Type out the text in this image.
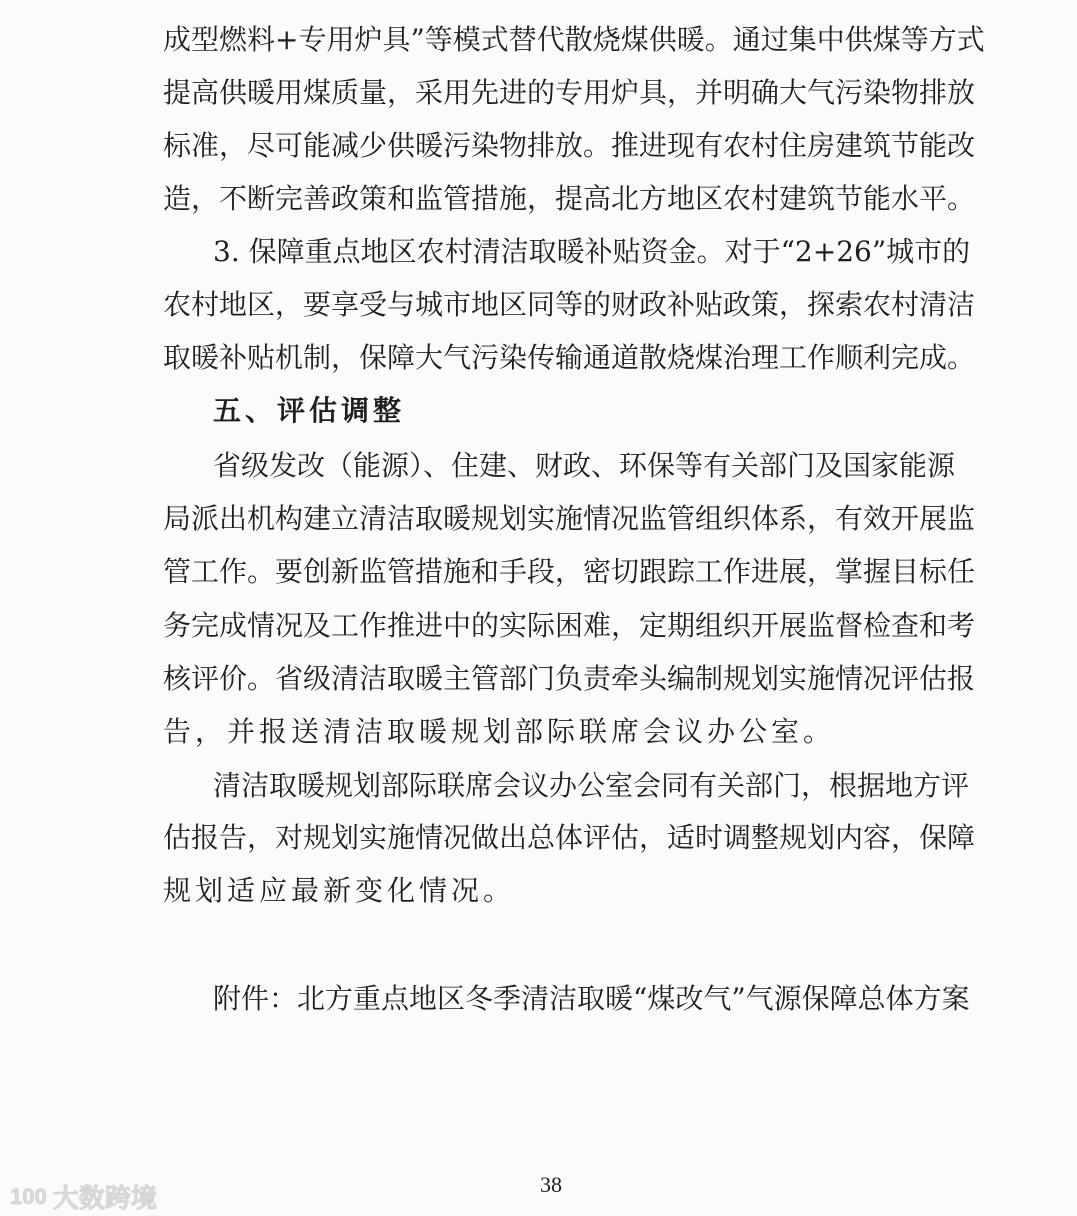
成型燃料+专用炉具”等模式替代散烧煤供暖。通过集中供煤等方式
提高供暖用煤质量，采用先进的专用炉具，并明确大气污染物排放
标准，尽可能减少供暖污染物排放。推进现有农村住房建筑节能改
造，不断完善政策和监管措施，提高北方地区农村建筑节能水平。
3. 保障重点地区农村清洁取暖补贴资金。对于“2+26”城市的
农村地区，要享受与城市地区同等的财政补贴政策，探索农村清洁
取暖补贴机制，保障大气污染传输通道散烧煤治理工作顺利完成。
五、评估调整
省级发改（能源）、住建、财政、环保等有关部门及国家能源
局派出机构建立清洁取暖规划实施情况监管组织体系，有效开展监
管工作。要创新监管措施和手段，密切跟踪工作进展，掌握目标任
务完成情况及工作推进中的实际困难，定期组织开展监督检查和考
核评价。省级清洁取暖主管部门负责牵头编制规划实施情况评估报
告，并报送清洁取暖规划部际联席会议办公室。
清洁取暖规划部际联席会议办公室会同有关部门，根据地方评
估报告，对规划实施情况做出总体评估，适时调整规划内容，保障
规划适应最新变化情况。
附件：北方重点地区冬季清洁取暖“煤改气”气源保障总体方案
38
100 大数跨境
